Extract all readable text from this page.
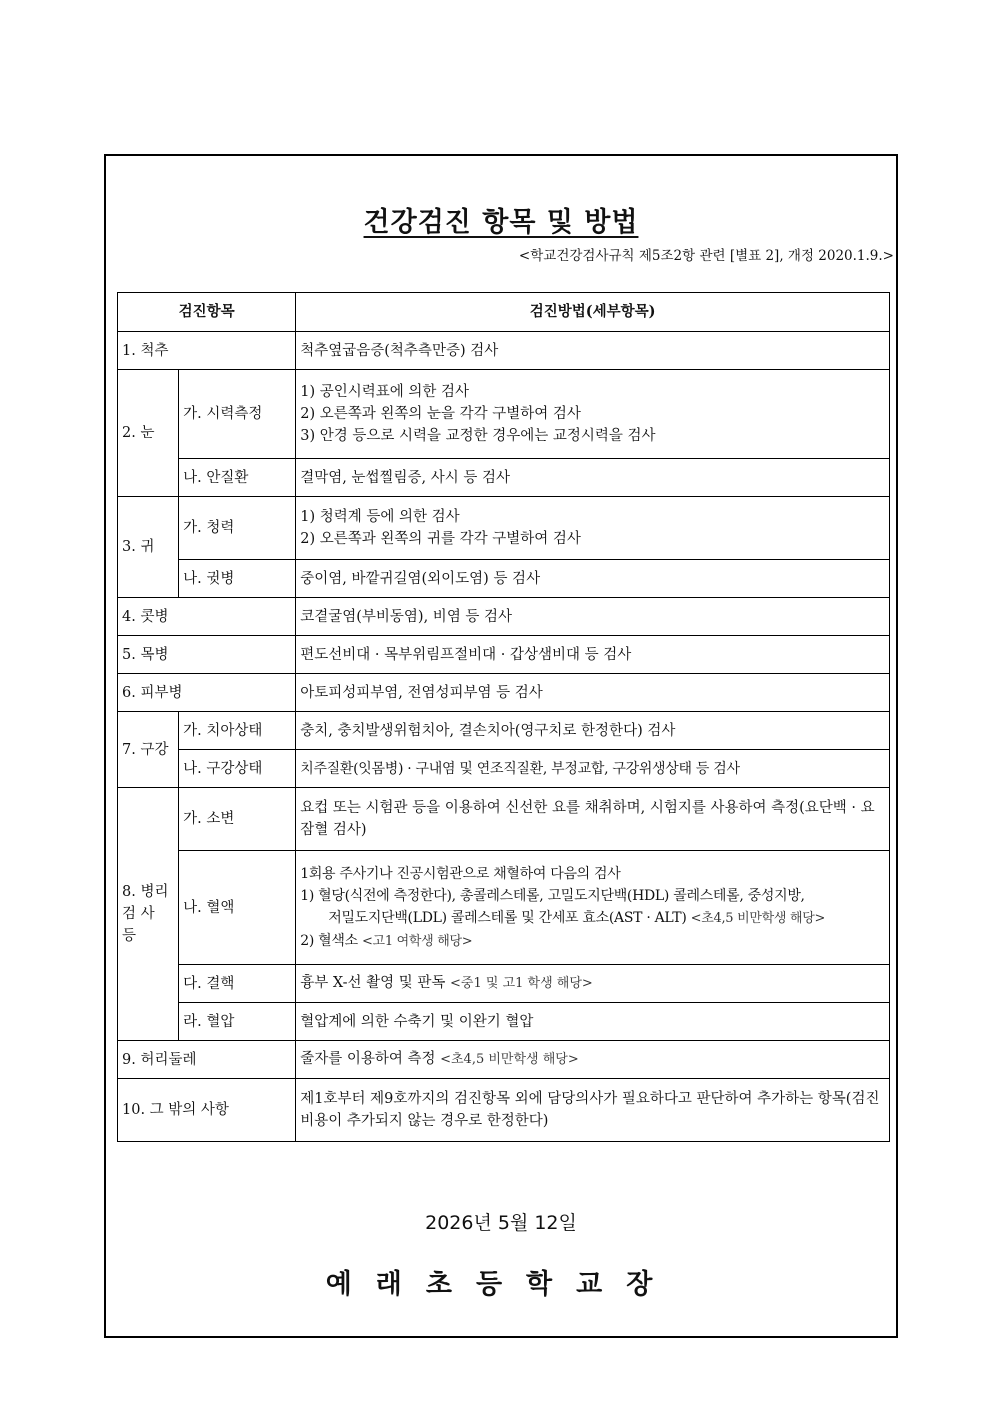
건강검진 항목 및 방법
<학교건강검사규칙 제5조2항 관련 [별표 2], 개정 2020.1.9.>
검진항목		검진방법(세부항목)
1. 척추		척추옆굽음증(척추측만증) 검사
2. 눈	가. 시력측정	1) 공인시력표에 의한 검사
2) 오른쪽과 왼쪽의 눈을 각각 구별하여 검사
3) 안경 등으로 시력을 교정한 경우에는 교정시력을 검사

	나. 안질환	결막염, 눈썹찔림증, 사시 등 검사
3. 귀	가. 청력	1) 청력계 등에 의한 검사
2) 오른쪽과 왼쪽의 귀를 각각 구별하여 검사

	나. 귓병	중이염, 바깥귀길염(외이도염) 등 검사
4. 콧병		코곁굴염(부비동염), 비염 등 검사
5. 목병		편도선비대 · 목부위림프절비대 · 갑상샘비대 등 검사
6. 피부병		아토피성피부염, 전염성피부염 등 검사
7. 구강	가. 치아상태	충치, 충치발생위험치아, 결손치아(영구치로 한정한다) 검사
	나. 구강상태	치주질환(잇몸병) · 구내염 및 연조직질환, 부정교합, 구강위생상태 등 검사

8. 병리
검 사
등	가. 소변	요컵 또는 시험관 등을 이용하여 신선한 요를 채취하며, 시험지를 사용하여 측정(요단백 · 요잠혈 검사)
	나. 혈액	1회용 주사기나 진공시험관으로 채혈하여 다음의 검사
1) 혈당(식전에 측정한다), 총콜레스테롤, 고밀도지단백(HDL) 콜레스테롤, 중성지방,
저밀도지단백(LDL) 콜레스테롤 및 간세포 효소(AST · ALT) <초4,5 비만학생 해당>
2) 혈색소 <고1 여학생 해당>

	다. 결핵	흉부 X-선 촬영 및 판독 <중1 및 고1 학생 해당>
	라. 혈압	혈압계에 의한 수축기 및 이완기 혈압
9. 허리둘레		줄자를 이용하여 측정 <초4,5 비만학생 해당>
10. 그 밖의 사항		제1호부터 제9호까지의 검진항목 외에 담당의사가 필요하다고 판단하여 추가하는 항목(검진비용이 추가되지 않는 경우로 한정한다)
2026년 5월 12일
예래초등학교장
